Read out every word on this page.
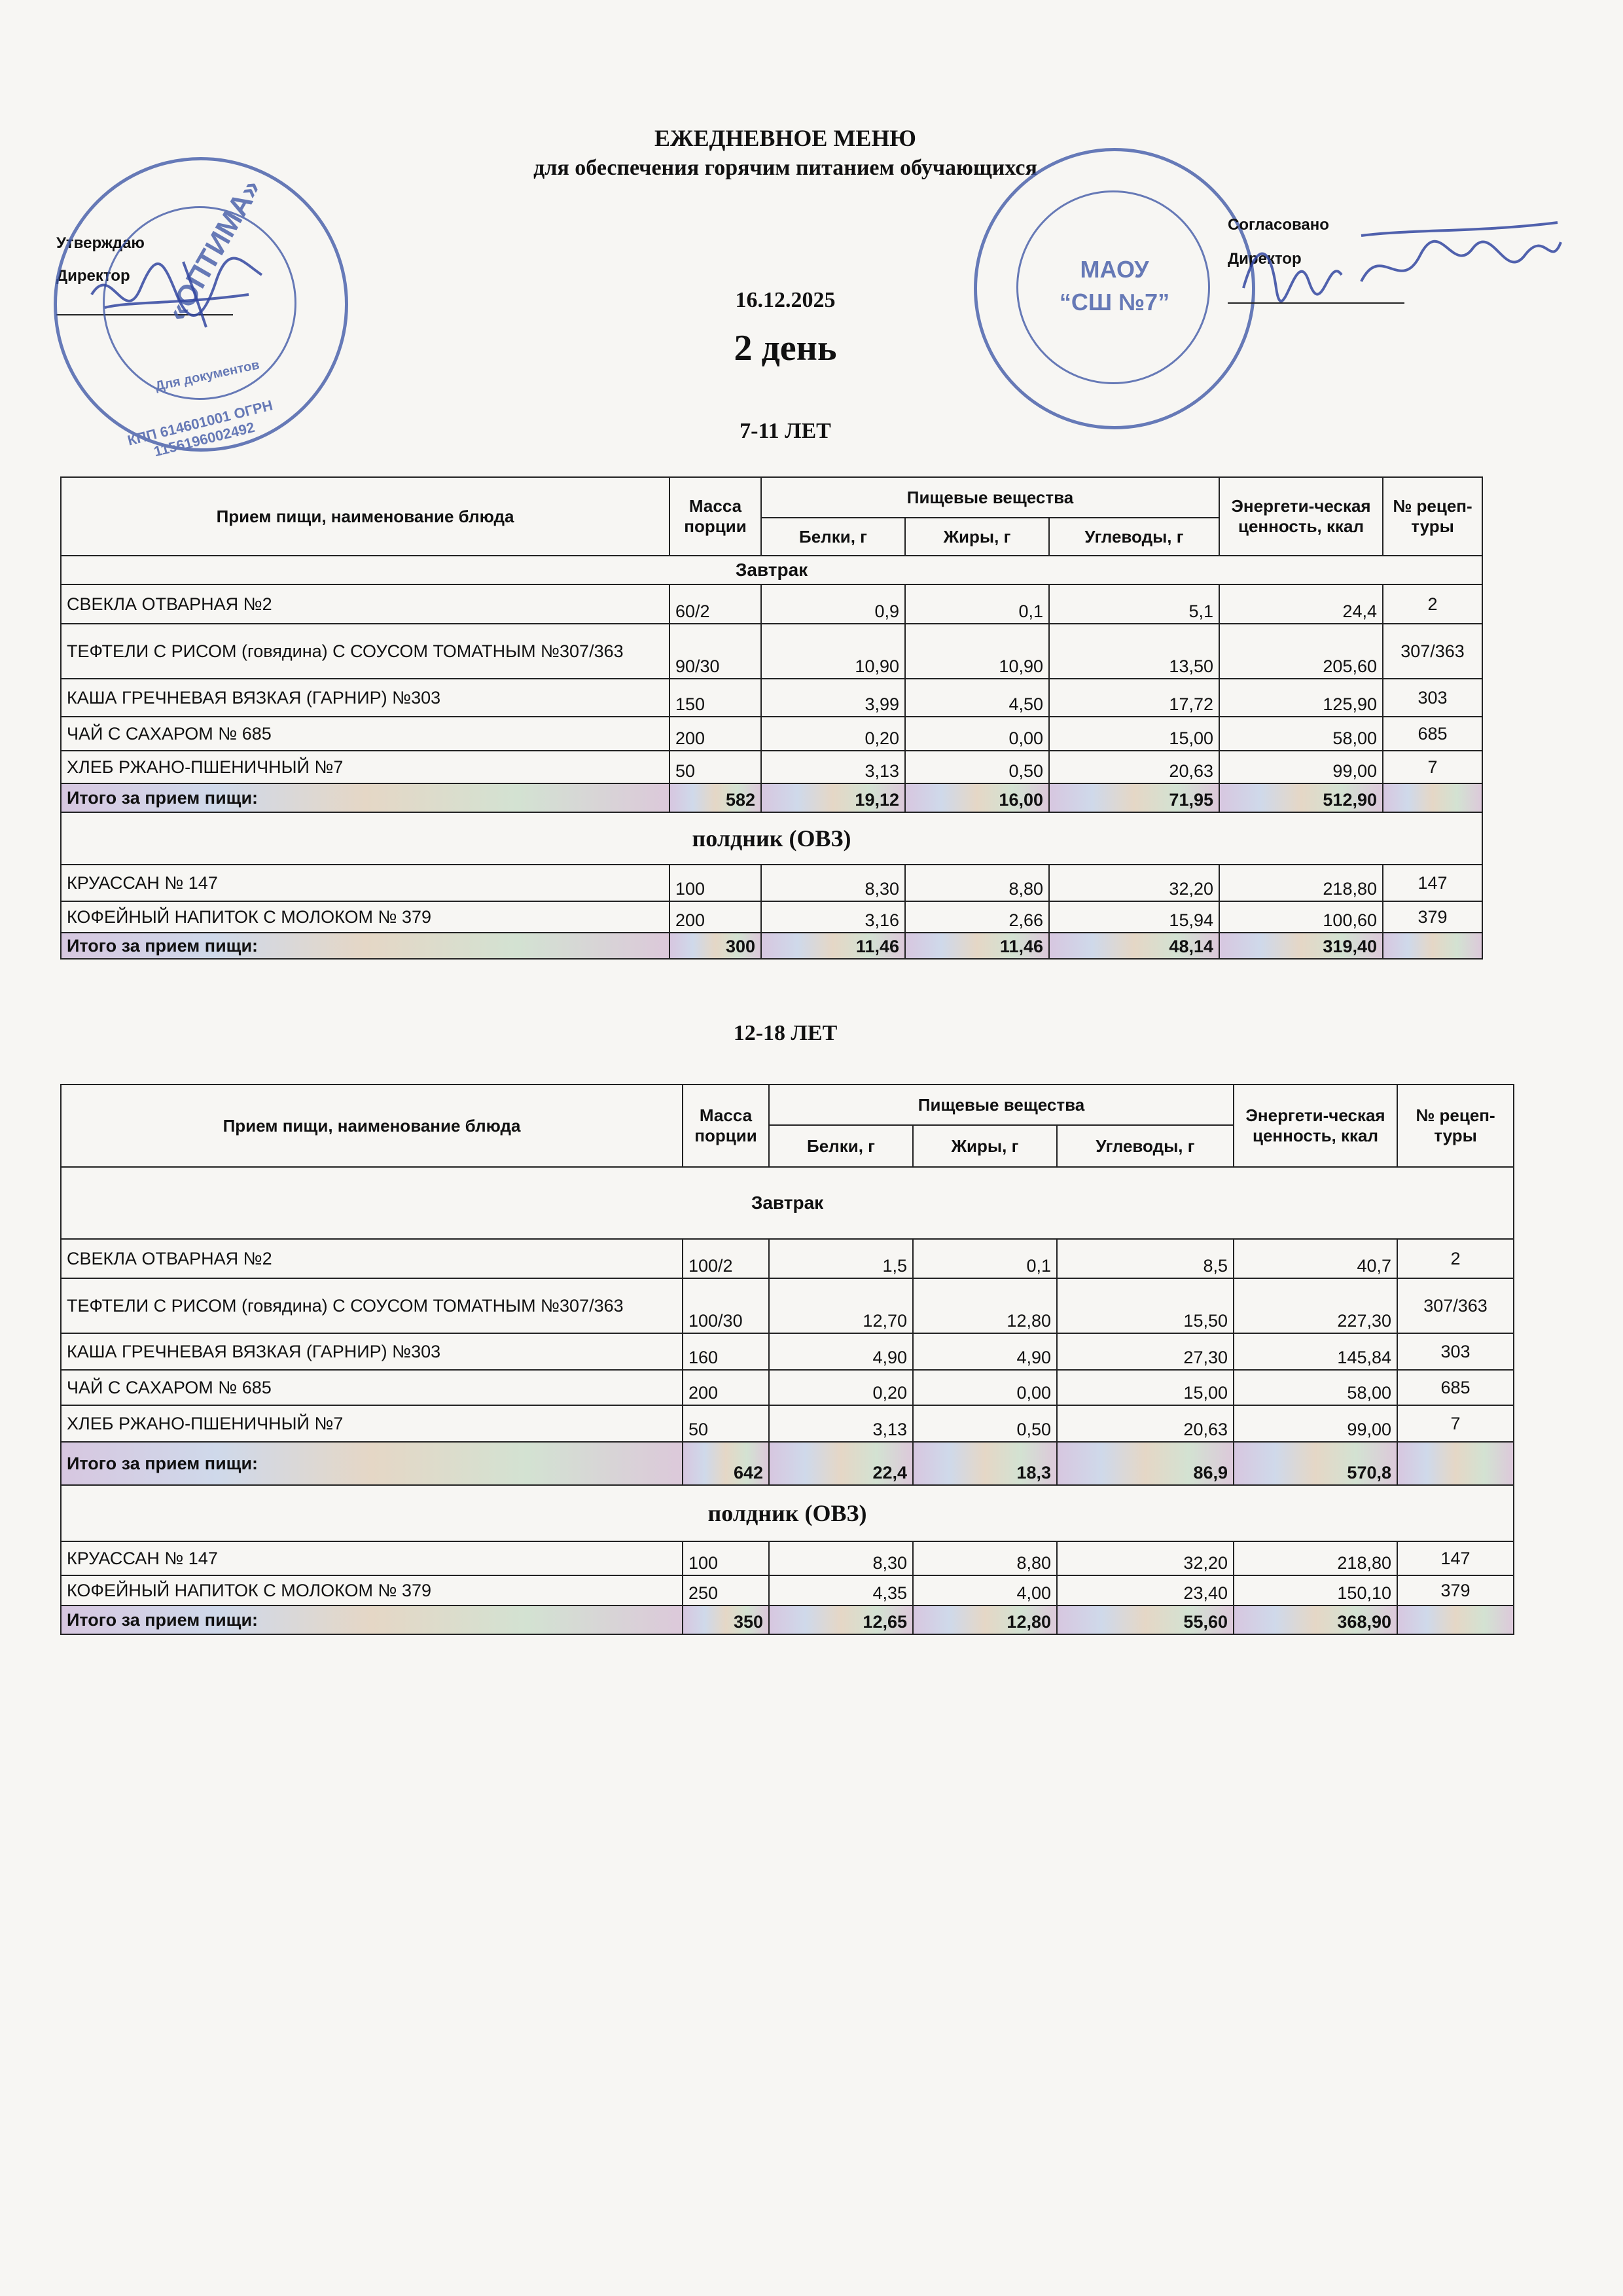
ЕЖЕДНЕВНОЕ МЕНЮ
для обеспечения горячим питанием обучающихся
16.12.2025
2 день
Утверждаю
Директор «ОПТИМА»
Для документов
КПП 614601001 ОГРН 1156196002492
МАОУ
“СШ №7”
Согласовано
Директор
7-11 ЛЕТ
Прием пищи, наименование блюда	Масса порции	Пищевые вещества			Энергети-ческая ценность, ккал	№ рецеп-туры
		Белки, г	Жиры, г	Углеводы, г		
Завтрак						
СВЕКЛА ОТВАРНАЯ №2	60/2	0,9	0,1	5,1	24,4	2
ТЕФТЕЛИ С РИСОМ (говядина) С СОУСОМ ТОМАТНЫМ №307/363	90/30	10,90	10,90	13,50	205,60	307/363
КАША ГРЕЧНЕВАЯ ВЯЗКАЯ (ГАРНИР) №303	150	3,99	4,50	17,72	125,90	303
ЧАЙ С САХАРОМ № 685	200	0,20	0,00	15,00	58,00	685
ХЛЕБ РЖАНО-ПШЕНИЧНЫЙ №7	50	3,13	0,50	20,63	99,00	7
Итого за прием пищи:	582	19,12	16,00	71,95	512,90	
полдник (ОВЗ)						
КРУАССАН № 147	100	8,30	8,80	32,20	218,80	147
КОФЕЙНЫЙ НАПИТОК С МОЛОКОМ № 379	200	3,16	2,66	15,94	100,60	379
Итого за прием пищи:	300	11,46	11,46	48,14	319,40	
12-18 ЛЕТ
Прием пищи, наименование блюда	Масса порции	Пищевые вещества			Энергети-ческая ценность, ккал	№ рецеп-туры
		Белки, г	Жиры, г	Углеводы, г		
Завтрак						
СВЕКЛА ОТВАРНАЯ №2	100/2	1,5	0,1	8,5	40,7	2
ТЕФТЕЛИ С РИСОМ (говядина) С СОУСОМ ТОМАТНЫМ №307/363	100/30	12,70	12,80	15,50	227,30	307/363
КАША ГРЕЧНЕВАЯ ВЯЗКАЯ (ГАРНИР) №303	160	4,90	4,90	27,30	145,84	303
ЧАЙ С САХАРОМ № 685	200	0,20	0,00	15,00	58,00	685
ХЛЕБ РЖАНО-ПШЕНИЧНЫЙ №7	50	3,13	0,50	20,63	99,00	7
Итого за прием пищи:	642	22,4	18,3	86,9	570,8	
полдник (ОВЗ)						
КРУАССАН № 147	100	8,30	8,80	32,20	218,80	147
КОФЕЙНЫЙ НАПИТОК С МОЛОКОМ № 379	250	4,35	4,00	23,40	150,10	379
Итого за прием пищи:	350	12,65	12,80	55,60	368,90	
